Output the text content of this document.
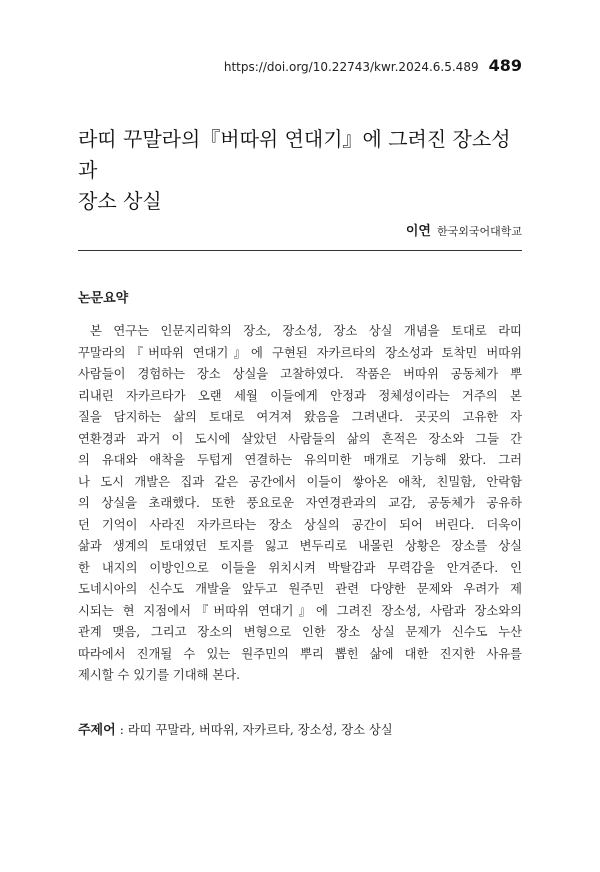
https://doi.org/10.22743/kwr.2024.6.5.489 489
라띠 꾸말라의『버따위 연대기』에 그려진 장소성과
장소 상실
이연 한국외국어대학교
논문요약

본 연구는 인문지리학의 장소, 장소성, 장소 상실 개념을 토대로 라띠
꾸말라의『버따위 연대기』에 구현된 자카르타의 장소성과 토착민 버따위
사람들이 경험하는 장소 상실을 고찰하였다. 작품은 버따위 공동체가 뿌
리내린 자카르타가 오랜 세월 이들에게 안정과 정체성이라는 거주의 본
질을 담지하는 삶의 토대로 여겨져 왔음을 그려낸다. 곳곳의 고유한 자
연환경과 과거 이 도시에 살았던 사람들의 삶의 흔적은 장소와 그들 간
의 유대와 애착을 두텁게 연결하는 유의미한 매개로 기능해 왔다. 그러
나 도시 개발은 집과 같은 공간에서 이들이 쌓아온 애착, 친밀함, 안락함
의 상실을 초래했다. 또한 풍요로운 자연경관과의 교감, 공동체가 공유하
던 기억이 사라진 자카르타는 장소 상실의 공간이 되어 버린다. 더욱이
삶과 생계의 토대였던 토지를 잃고 변두리로 내몰린 상황은 장소를 상실
한 내지의 이방인으로 이들을 위치시켜 박탈감과 무력감을 안겨준다. 인
도네시아의 신수도 개발을 앞두고 원주민 관련 다양한 문제와 우려가 제
시되는 현 지점에서『버따위 연대기』에 그려진 장소성, 사람과 장소와의
관계 맺음, 그리고 장소의 변형으로 인한 장소 상실 문제가 신수도 누산
따라에서 진개될 수 있는 원주민의 뿌리 뽑힌 삶에 대한 진지한 사유를
제시할 수 있기를 기대해 본다.

주제어 : 라띠 꾸말라, 버따위, 자카르타, 장소성, 장소 상실
